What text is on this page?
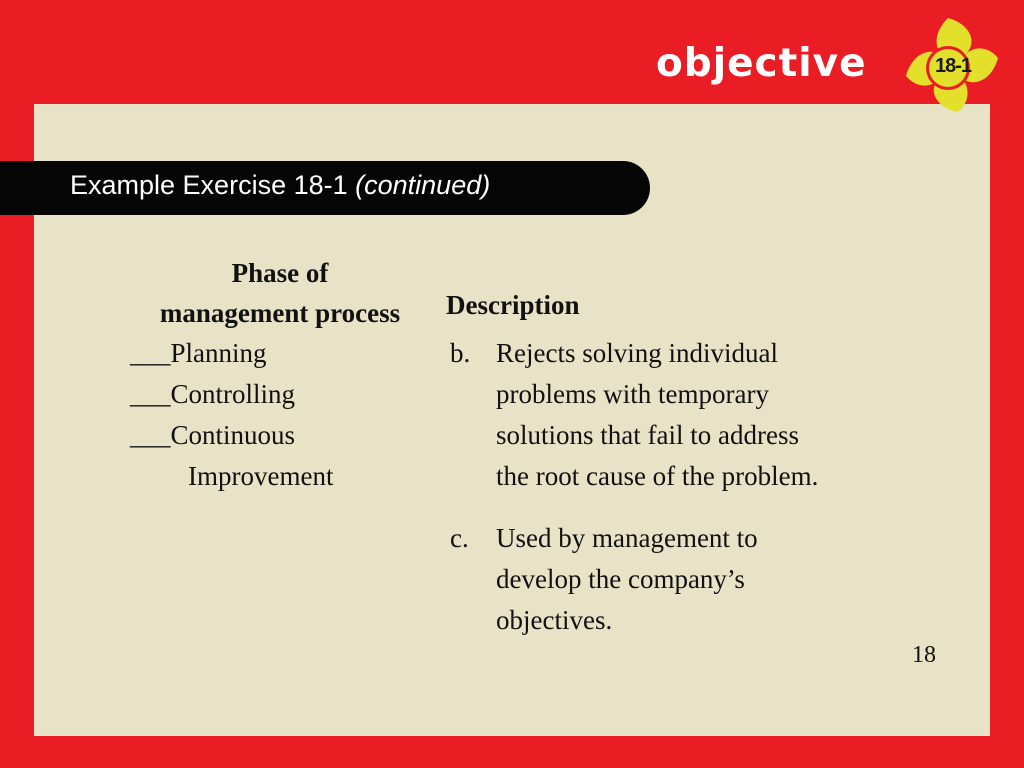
objective	18-1
Example Exercise 18-1 (continued)
Phase of
management process	Description
___Planning
___Controlling
___Continuous
Improvement
b. Rejects solving individual
problems with temporary
solutions that fail to address
the root cause of the problem.
c. Used by management to
develop the company’s
objectives.
18
